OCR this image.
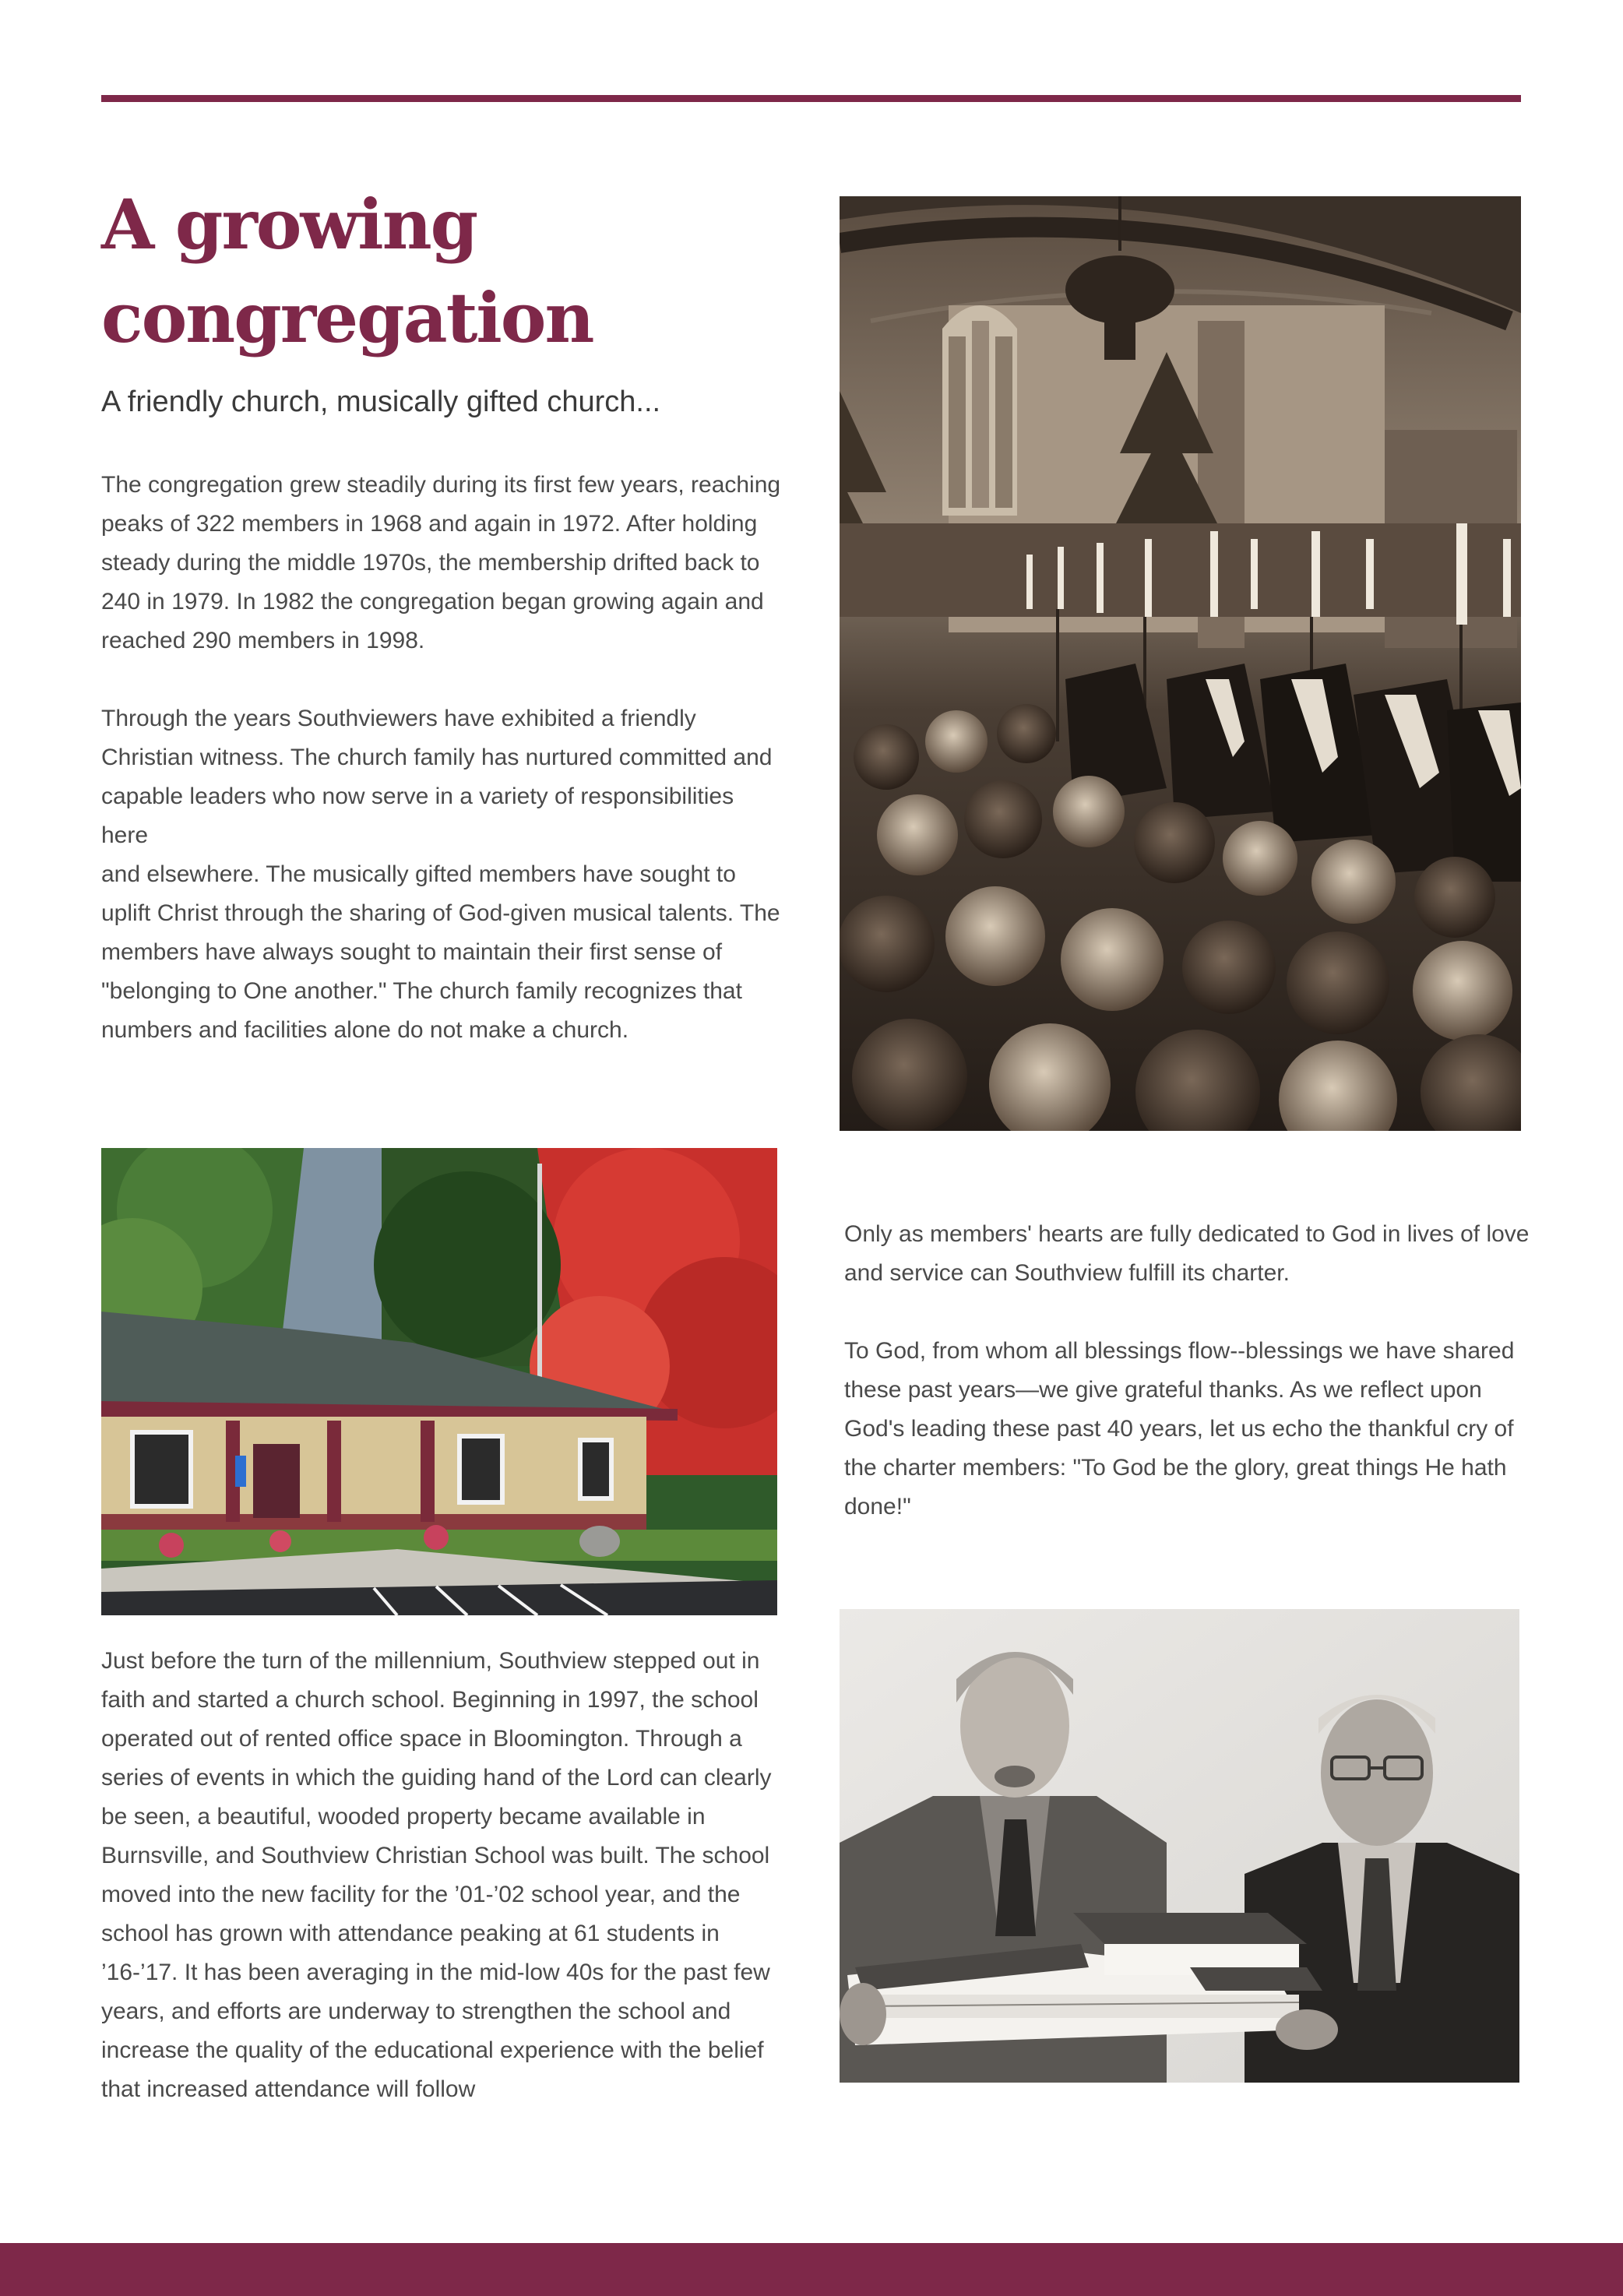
A growing
congregation
A friendly church, musically gifted church...

The congregation grew steadily during its first few years, reaching peaks of 322 members in 1968 and again in 1972. After holding steady during the middle 1970s, the membership drifted back to 240 in 1979. In 1982 the congregation began growing again and reached 290 members in 1998.

Through the years Southviewers have exhibited a friendly Christian witness. The church family has nurtured committed and capable leaders who now serve in a variety of responsibilities here
and elsewhere. The musically gifted members have sought to uplift Christ through the sharing of God-given musical talents. The members have always sought to maintain their first sense of "belonging to One another." The church family recognizes that numbers and facilities alone do not make a church.

Only as members' hearts are fully dedicated to God in lives of love and service can Southview fulfill its charter.

To God, from whom all blessings flow--blessings we have shared these past years—we give grateful thanks. As we reflect upon God's leading these past 40 years, let us echo the thankful cry of the charter members: "To God be the glory, great things He hath done!"

Just before the turn of the millennium, Southview stepped out in faith and started a church school. Beginning in 1997, the school operated out of rented office space in Bloomington. Through a series of events in which the guiding hand of the Lord can clearly be seen, a beautiful, wooded property became available in Burnsville, and Southview Christian School was built. The school moved into the new facility for the ’01-’02 school year, and the school has grown with attendance peaking at 61 students in ’16-’17. It has been averaging in the mid-low 40s for the past few years, and efforts are underway to strengthen the school and increase the quality of the educational experience with the belief that increased attendance will follow
